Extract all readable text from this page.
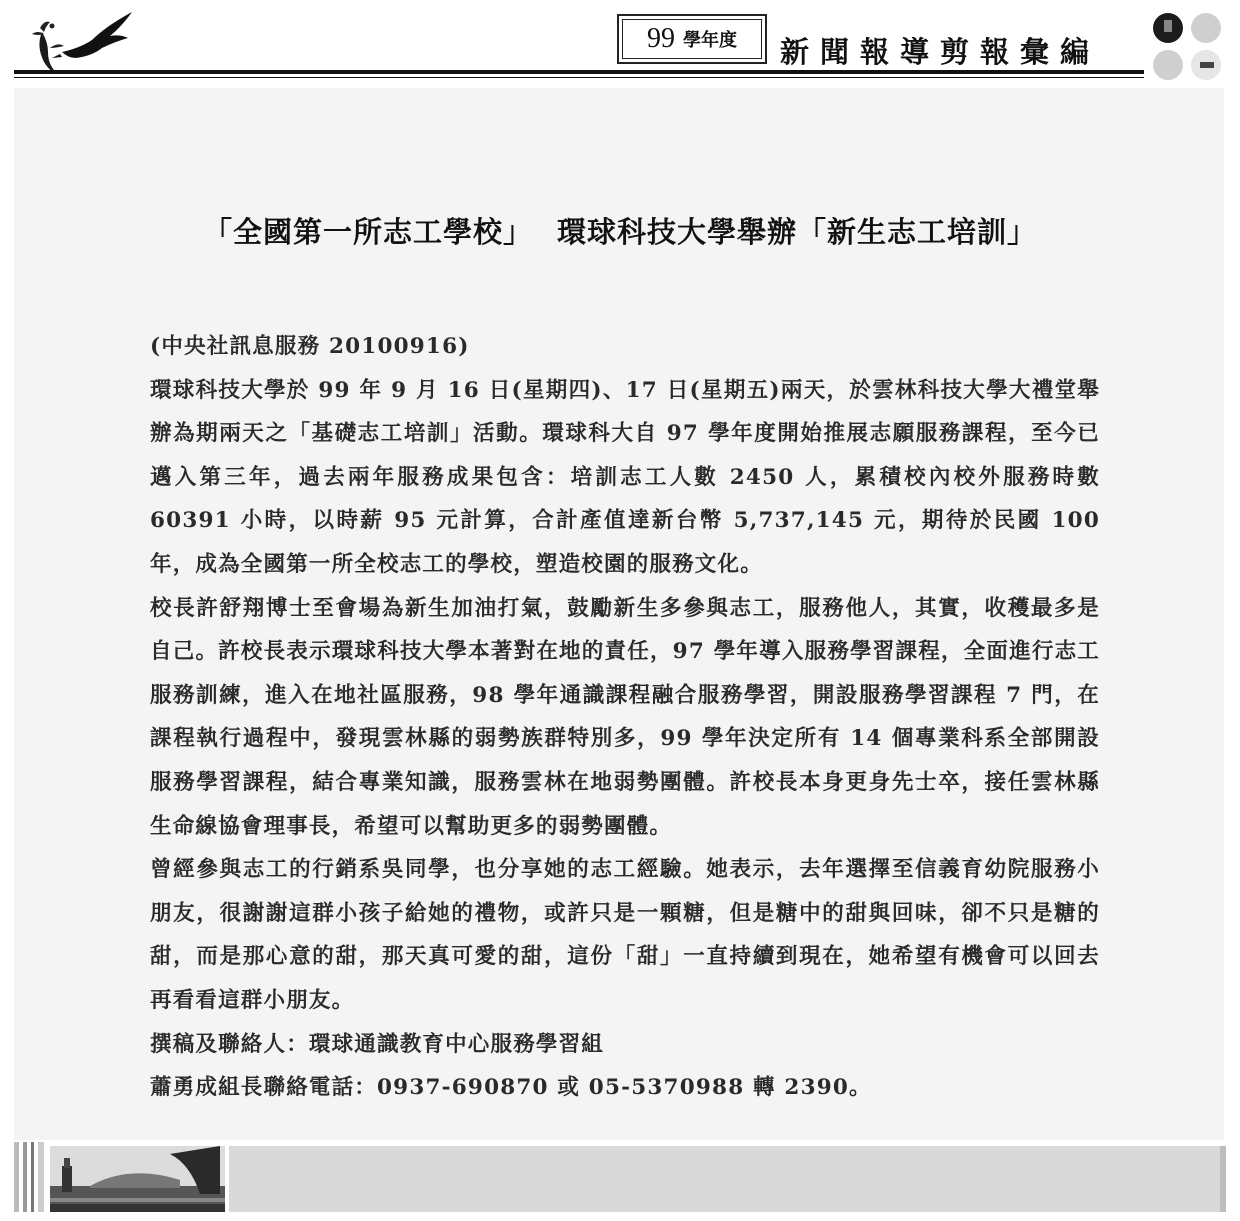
99 學年度 新聞報導剪報彙編
「全國第一所志工學校」 環球科技大學舉辦「新生志工培訓」

(中央社訊息服務 20100916)

環球科技大學於 99 年 9 月 16 日(星期四)、17 日(星期五)兩天，於雲林科技大學大禮堂舉辦為期兩天之「基礎志工培訓」活動。環球科大自 97 學年度開始推展志願服務課程，至今已邁入第三年，過去兩年服務成果包含：培訓志工人數 2450 人，累積校內校外服務時數 60391 小時，以時薪 95 元計算，合計產值達新台幣 5,737,145 元，期待於民國 100 年，成為全國第一所全校志工的學校，塑造校園的服務文化。

校長許舒翔博士至會場為新生加油打氣，鼓勵新生多參與志工，服務他人，其實，收穫最多是自己。許校長表示環球科技大學本著對在地的責任，97 學年導入服務學習課程，全面進行志工服務訓練，進入在地社區服務，98 學年通識課程融合服務學習，開設服務學習課程 7 門，在課程執行過程中，發現雲林縣的弱勢族群特別多，99 學年決定所有 14 個專業科系全部開設服務學習課程，結合專業知識，服務雲林在地弱勢團體。許校長本身更身先士卒，接任雲林縣生命線協會理事長，希望可以幫助更多的弱勢團體。

曾經參與志工的行銷系吳同學，也分享她的志工經驗。她表示，去年選擇至信義育幼院服務小朋友，很謝謝這群小孩子給她的禮物，或許只是一顆糖，但是糖中的甜與回味，卻不只是糖的甜，而是那心意的甜，那天真可愛的甜，這份「甜」一直持續到現在，她希望有機會可以回去再看看這群小朋友。

撰稿及聯絡人：環球通識教育中心服務學習組

蕭勇成組長聯絡電話：0937-690870 或 05-5370988 轉 2390。
